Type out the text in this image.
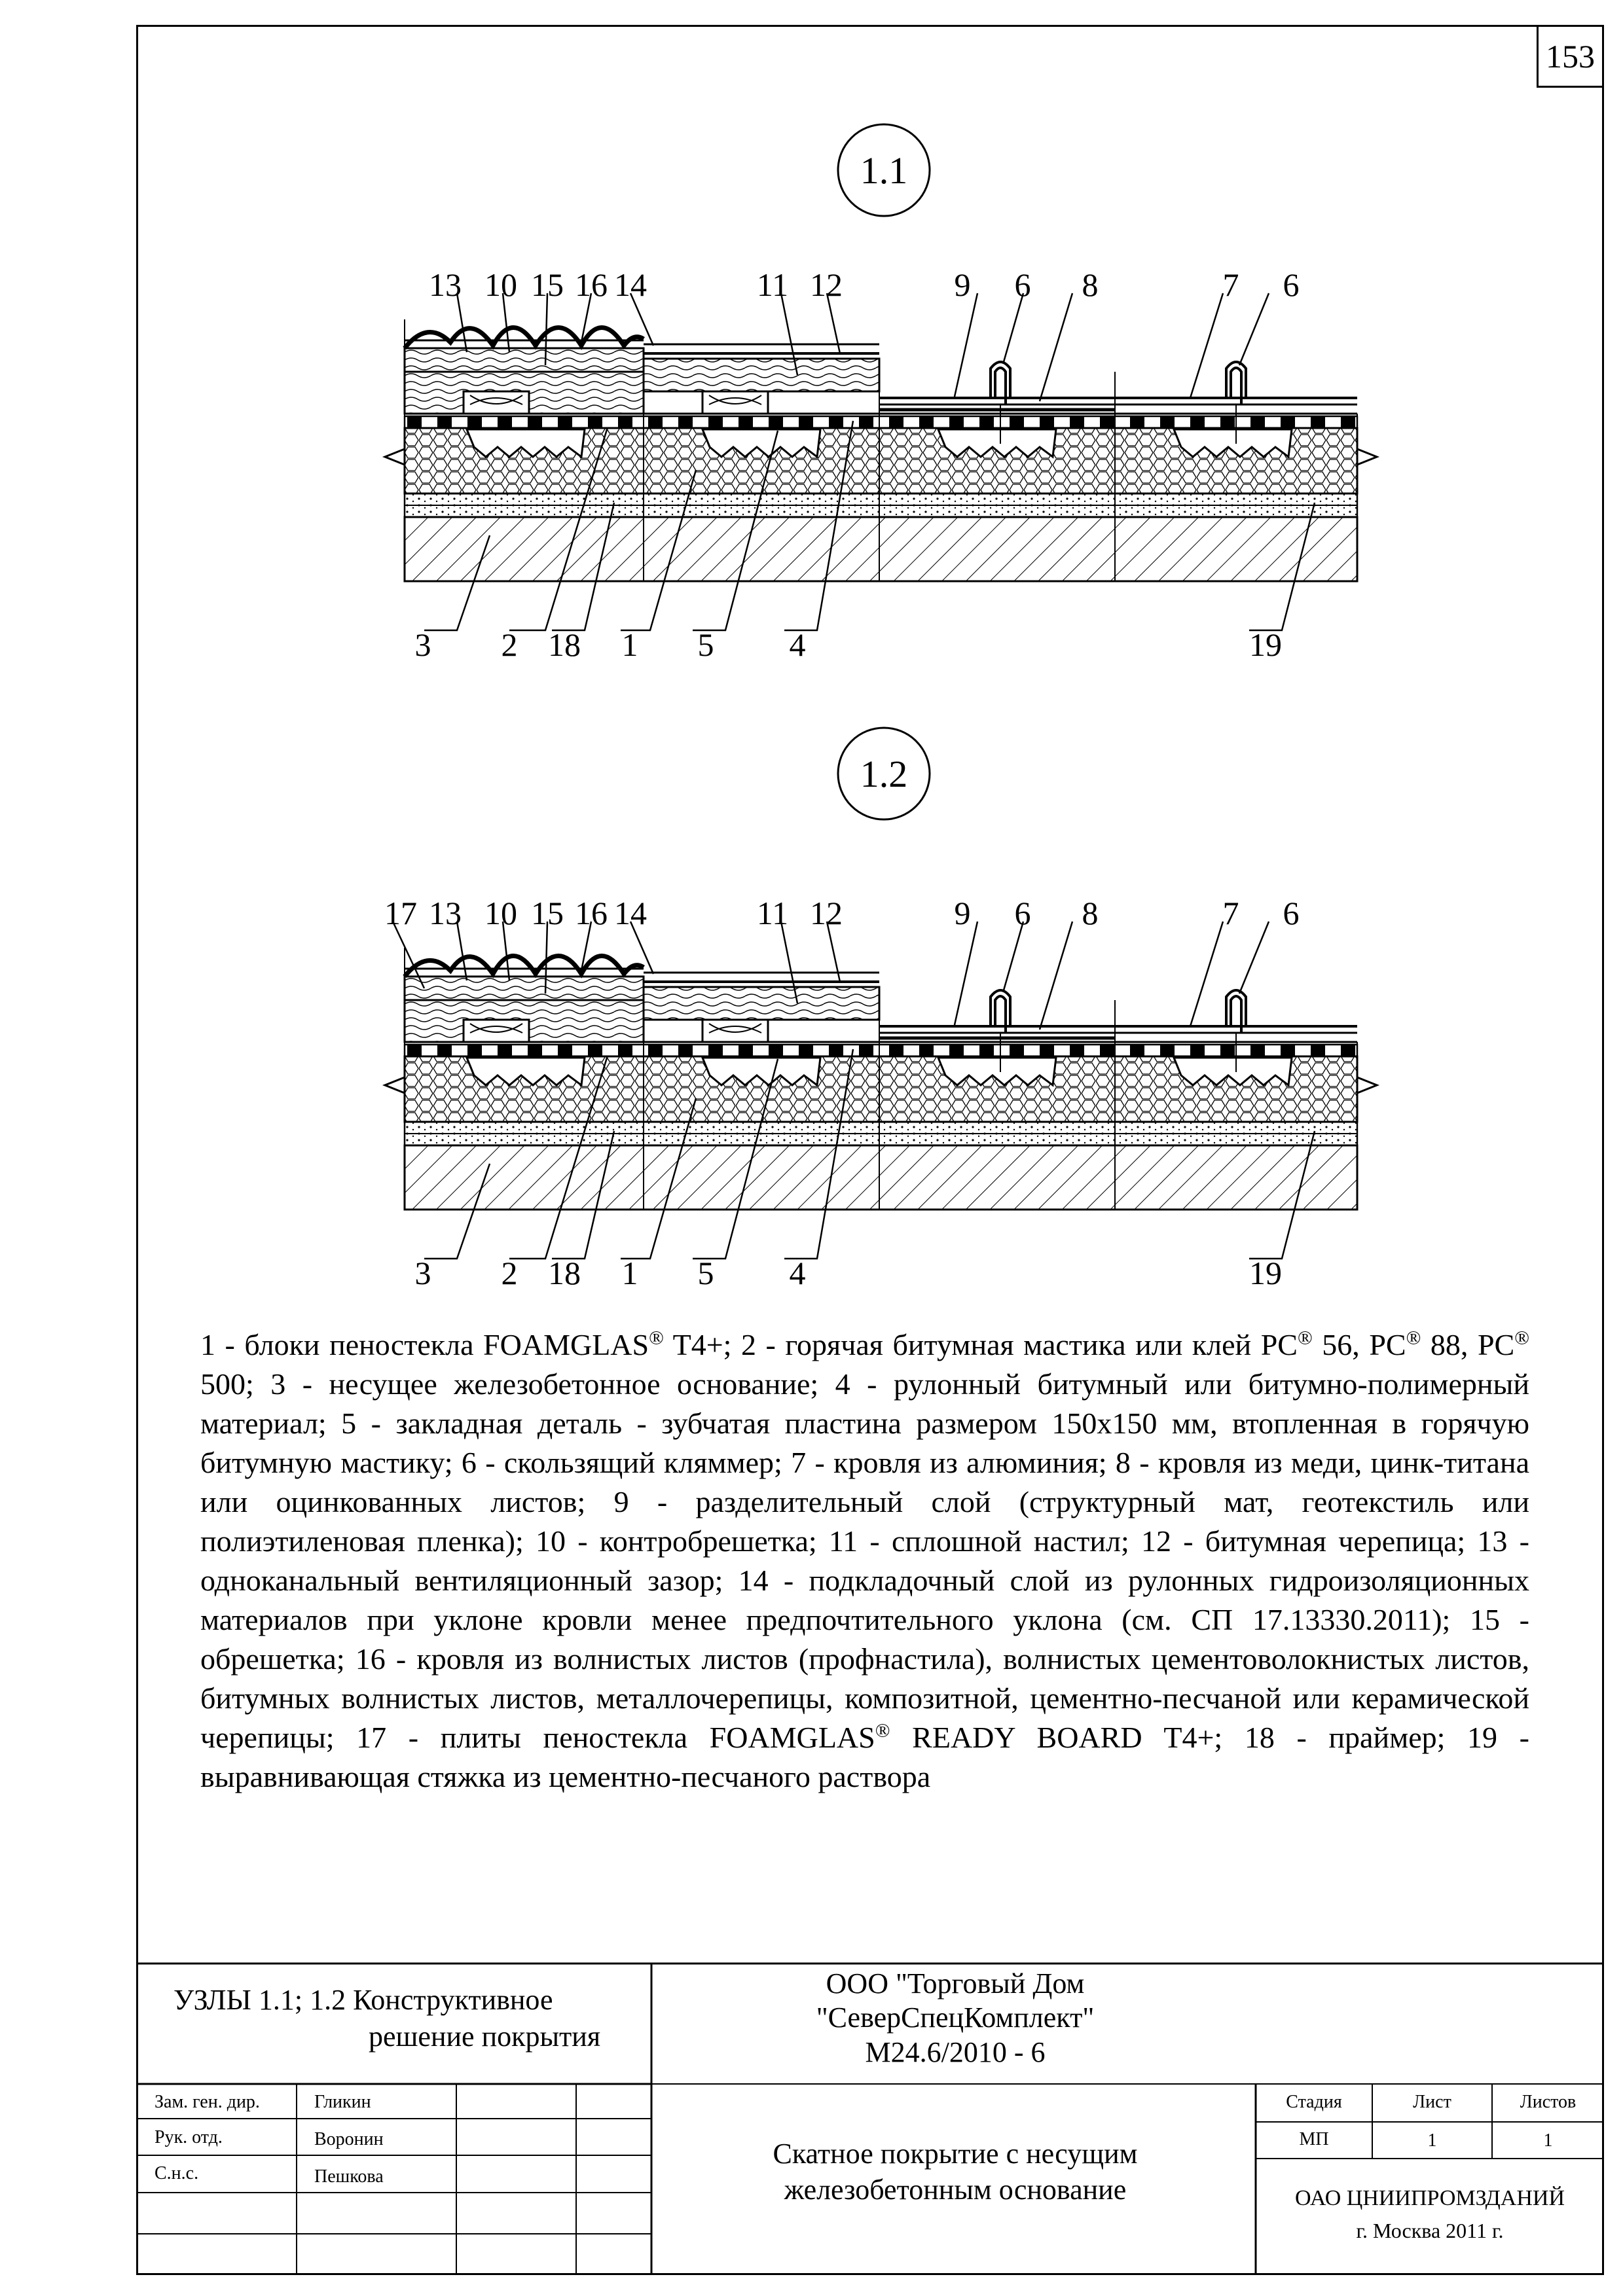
153
1.1
1.2
13 10 15 16 14	11 12	9 6 8	7 6
3 2 18 1 5 4	19
17 13 10 15 16 14	11 12	9 6 8	7 6
3 2 18 1 5 4	19

1 - блоки пеностекла FOAMGLAS® T4+; 2 - горячая битумная мастика или клей PC® 56, PC® 88, PC® 500; 3 - несущее железобетонное основание; 4 - рулонный битумный или битумно-полимерный материал; 5 - закладная деталь - зубчатая пластина размером 150х150 мм, втопленная в горячую битумную мастику; 6 - скользящий кляммер; 7 - кровля из алюминия; 8 - кровля из меди, цинк-титана или оцинкованных листов; 9 - разделительный слой (структурный мат, геотекстиль или полиэтиленовая пленка); 10 - контробрешетка; 11 - сплошной настил; 12 - битумная черепица; 13 - одноканальный вентиляционный зазор; 14 - подкладочный слой из рулонных гидроизоляционных материалов при уклоне кровли менее предпочтительного уклона (см. СП 17.13330.2011); 15 - обрешетка; 16 - кровля из волнистых листов (профнастила), волнистых цементоволокнистых листов, битумных волнистых листов, металлочерепицы, композитной, цементно-песчаной или керамической черепицы; 17 - плиты пеностекла FOAMGLAS® READY BOARD T4+; 18 - праймер; 19 - выравнивающая стяжка из цементно-песчаного раствора

УЗЛЫ 1.1; 1.2 Конструктивное
решение покрытия
ООО "Торговый Дом
"СеверСпецКомплект"
М24.6/2010 - 6
Зам. ген. дир.	Гликин
Рук. отд.	Воронин
С.н.с.	Пешкова
Скатное покрытие с несущим
железобетонным основание
Стадия	Лист	Листов
МП	1	1
ОАО ЦНИИПРОМЗДАНИЙ
г. Москва 2011 г.
